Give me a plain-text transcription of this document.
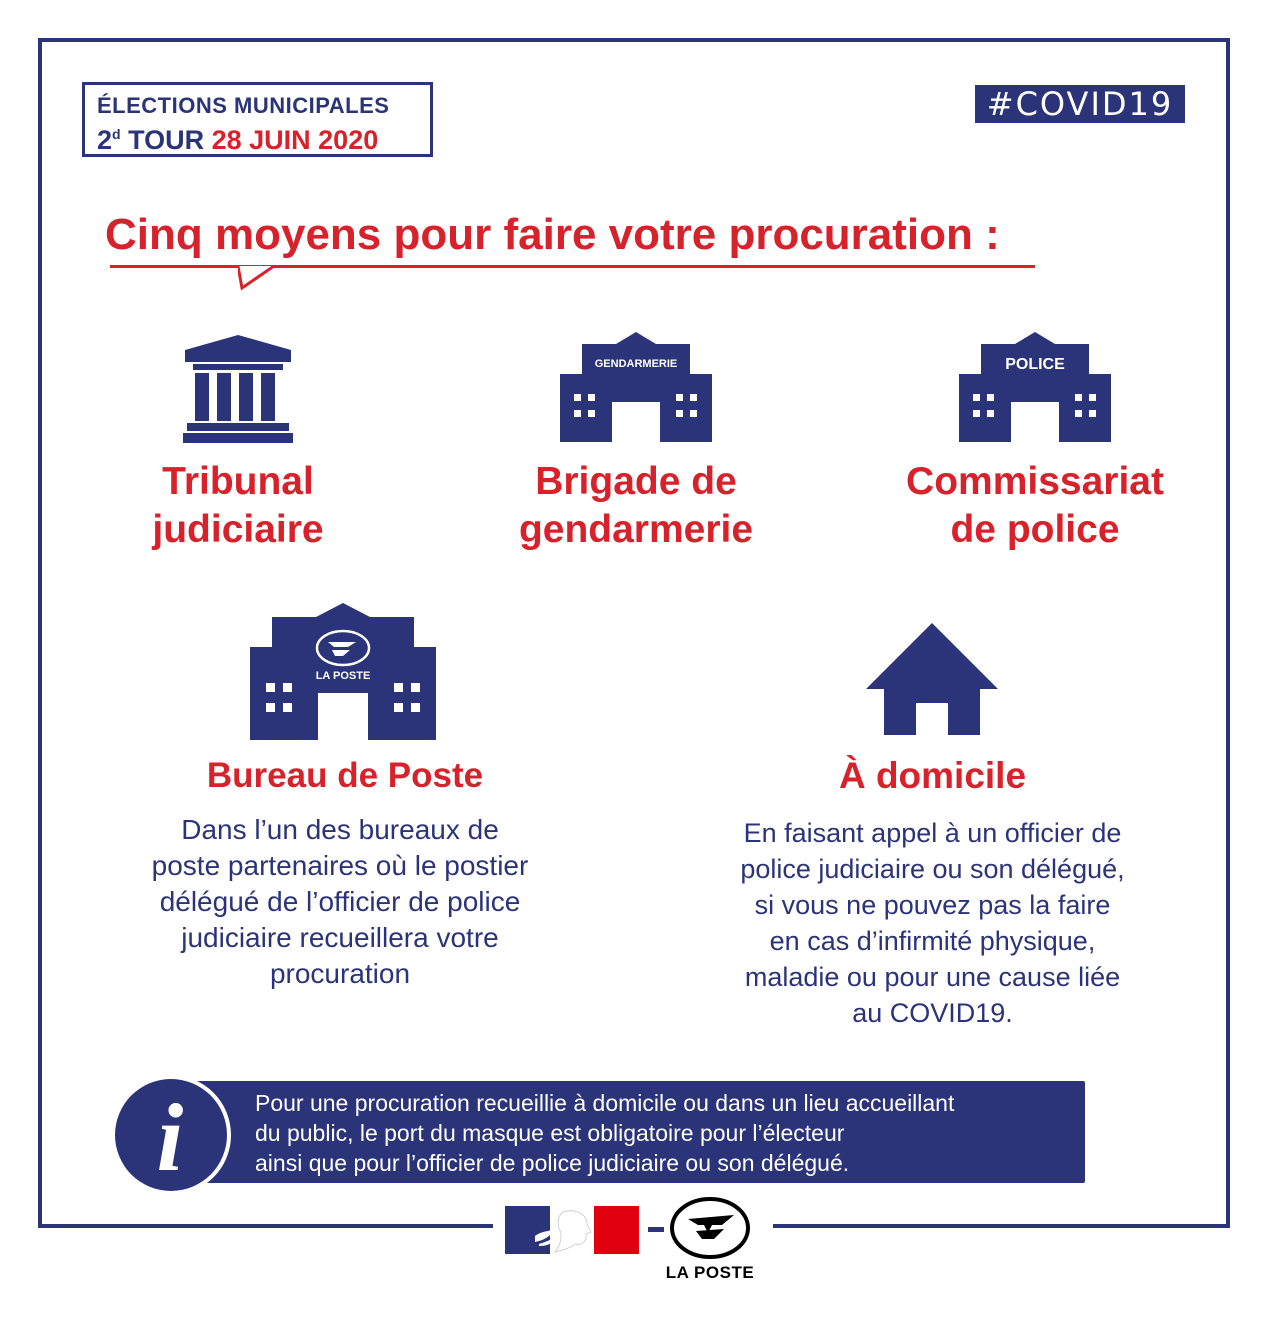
ÉLECTIONS MUNICIPALES
2$^d$ TOUR 28 JUIN 2020
#COVID19
Cinq moyens pour faire votre procuration :
GENDARMERIE	POLICE
Tribunal
judiciaire
Brigade de
gendarmerie
Commissariat
de police
LA POSTE
Bureau de Poste	À domicile
Dans l’un des bureaux de
poste partenaires où le postier
délégué de l’officier de police
judiciaire recueillera votre
procuration
En faisant appel à un officier de
police judiciaire ou son délégué,
si vous ne pouvez pas la faire
en cas d’infirmité physique,
maladie ou pour une cause liée
au COVID19.
i	Pour une procuration recueillie à domicile ou dans un lieu accueillant
du public, le port du masque est obligatoire pour l’électeur
ainsi que pour l’officier de police judiciaire ou son délégué.
LA POSTE
